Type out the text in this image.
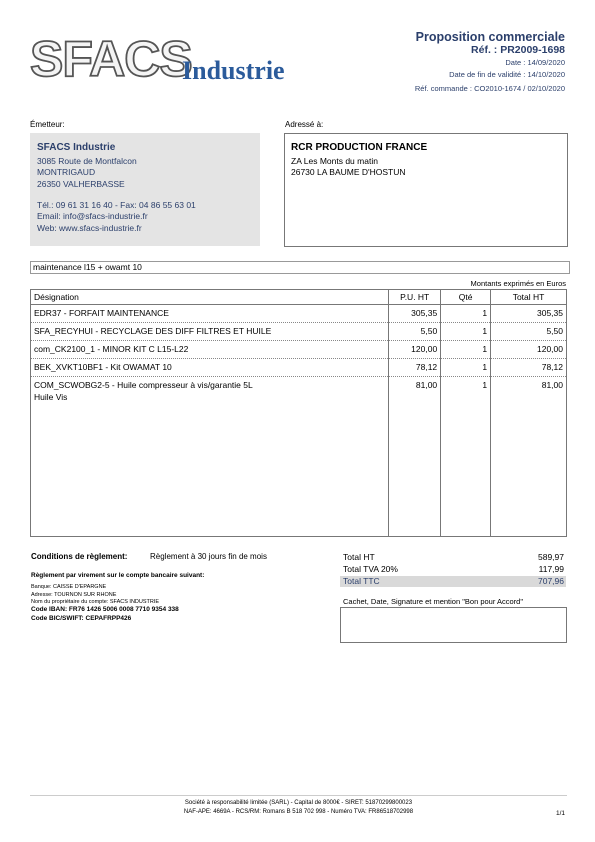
SFACS
Industrie
Proposition commerciale
Réf. : PR2009-1698
Date : 14/09/2020
Date de fin de validité : 14/10/2020
Réf. commande : CO2010-1674 / 02/10/2020
Émetteur:
SFACS Industrie
3085 Route de Montfalcon
MONTRIGAUD
26350 VALHERBASSE
Tél.: 09 61 31 16 40 - Fax: 04 86 55 63 01
Email: info@sfacs-industrie.fr
Web: www.sfacs-industrie.fr
Adressé à:
RCR PRODUCTION FRANCE
ZA Les Monts du matin
26730 LA BAUME D'HOSTUN
maintenance l15 + owamt 10
Montants exprimés en Euros
Désignation	P.U. HT	Qté	Total HT
EDR37 - FORFAIT MAINTENANCE	305,35	1	305,35
SFA_RECYHUI - RECYCLAGE DES DIFF FILTRES ET HUILE	5,50	1	5,50
com_CK2100_1 - MINOR KIT C L15-L22	120,00	1	120,00
BEK_XVKT10BF1 - Kit OWAMAT 10	78,12	1	78,12

COM_SCWOBG2-5 - Huile compresseur à vis/garantie 5L
Huile Vis	81,00	1	81,00
Conditions de règlement:	Règlement à 30 jours fin de mois
Règlement par virement sur le compte bancaire suivant:
Banque: CAISSE D'EPARGNE
Adresse: TOURNON SUR RHONE
Nom du propriétaire du compte: SFACS INDUSTRIE
Code IBAN: FR76 1426 5006 0008 7710 9354 338
Code BIC/SWIFT: CEPAFRPP426
Total HT	589,97
Total TVA 20%	117,99
Total TTC	707,96
Cachet, Date, Signature et mention "Bon pour Accord"
Société à responsabilité limitée (SARL) - Capital de 8000€ - SIRET: 51870299800023
NAF-APE: 4669A - RCS/RM: Romans B 518 702 998 - Numéro TVA: FR86518702998	1/1
